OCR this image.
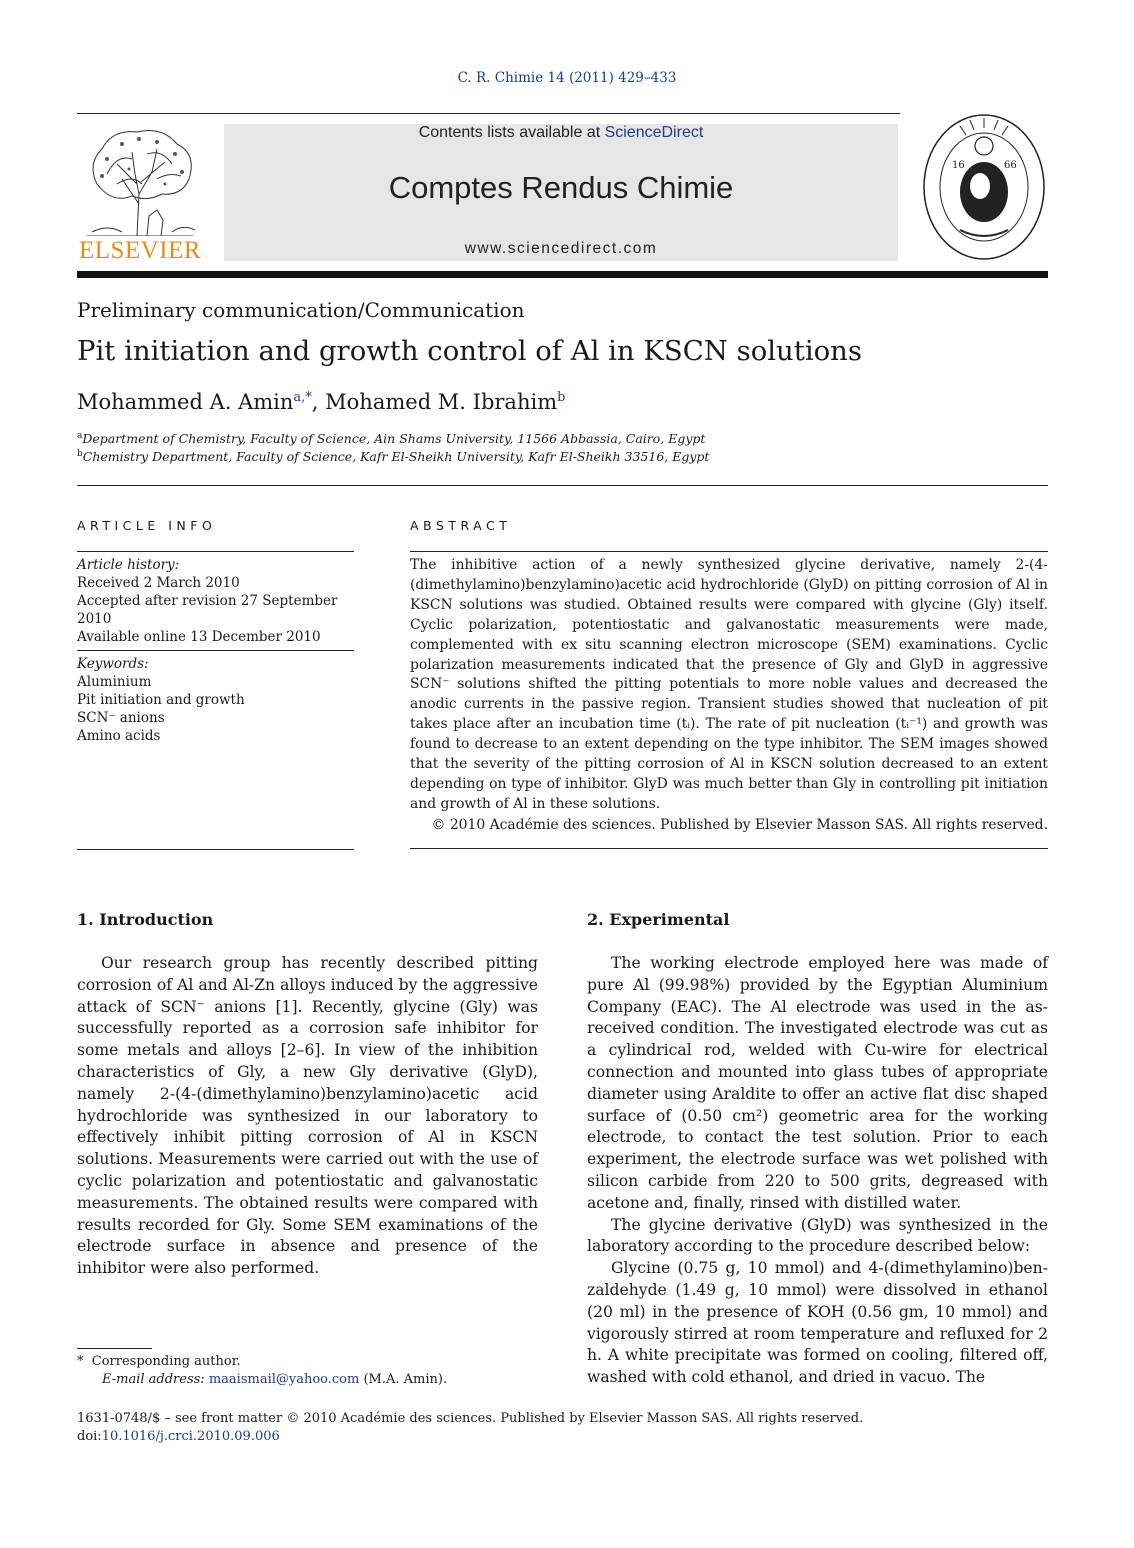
C. R. Chimie 14 (2011) 429–433
ELSEVIER
Contents lists available at ScienceDirect
Comptes Rendus Chimie
www.sciencedirect.com
16	66
Preliminary communication/Communication
Pit initiation and growth control of Al in KSCN solutions
Mohammed A. Amin$^{a,*}$, Mohamed M. Ibrahim$^b$
$^a$Department of Chemistry, Faculty of Science, Ain Shams University, 11566 Abbassia, Cairo, Egypt
$^b$Chemistry Department, Faculty of Science, Kafr El-Sheikh University, Kafr El-Sheikh 33516, Egypt
ARTICLE INFO	ABSTRACT
Article history:
Received 2 March 2010
Accepted after revision 27 September 2010
Available online 13 December 2010
Keywords:
Aluminium
Pit initiation and growth
SCN⁻ anions
Amino acids
The inhibitive action of a newly synthesized glycine derivative, namely 2-(4-(dimethylamino)benzylamino)acetic acid hydrochloride (GlyD) on pitting corrosion of Al in KSCN solutions was studied. Obtained results were compared with glycine (Gly) itself. Cyclic polarization, potentiostatic and galvanostatic measurements were made, complemented with ex situ scanning electron microscope (SEM) examinations. Cyclic polarization measurements indicated that the presence of Gly and GlyD in aggressive SCN⁻ solutions shifted the pitting potentials to more noble values and decreased the anodic currents in the passive region. Transient studies showed that nucleation of pit takes place after an incubation time (tᵢ). The rate of pit nucleation (tᵢ⁻¹) and growth was found to decrease to an extent depending on the type inhibitor. The SEM images showed that the severity of the pitting corrosion of Al in KSCN solution decreased to an extent depending on type of inhibitor. GlyD was much better than Gly in controlling pit initiation and growth of Al in these solutions.
© 2010 Académie des sciences. Published by Elsevier Masson SAS. All rights reserved.
1. Introduction	2. Experimental

Our research group has recently described pitting corrosion of Al and Al-Zn alloys induced by the aggressive attack of SCN⁻ anions [1]. Recently, glycine (Gly) was successfully reported as a corrosion safe inhibitor for some metals and alloys [2–6]. In view of the inhibition characteristics of Gly, a new Gly derivative (GlyD), namely 2-(4-(dimethylamino)benzylamino)acetic acid hydrochloride was synthesized in our laboratory to effectively inhibit pitting corrosion of Al in KSCN solutions. Measurements were carried out with the use of cyclic polarization and potentiostatic and galvanostatic measurements. The obtained results were compared with results recorded for Gly. Some SEM examinations of the electrode surface in absence and presence of the inhibitor were also performed.

The working electrode employed here was made of pure Al (99.98%) provided by the Egyptian Aluminium Company (EAC). The Al electrode was used in the as-received condition. The investigated electrode was cut as a cylindrical rod, welded with Cu-wire for electrical connection and mounted into glass tubes of appropriate diameter using Araldite to offer an active flat disc shaped surface of (0.50 cm²) geometric area for the working electrode, to contact the test solution. Prior to each experiment, the electrode surface was wet polished with silicon carbide from 220 to 500 grits, degreased with acetone and, finally, rinsed with distilled water.

The glycine derivative (GlyD) was synthesized in the laboratory according to the procedure described below:

Glycine (0.75 g, 10 mmol) and 4-(dimethylamino)benzaldehyde (1.49 g, 10 mmol) were dissolved in ethanol (20 ml) in the presence of KOH (0.56 gm, 10 mmol) and vigorously stirred at room temperature and refluxed for 2 h. A white precipitate was formed on cooling, filtered off, washed with cold ethanol, and dried in vacuo. The

* Corresponding author.
E-mail address: maaismail@yahoo.com (M.A. Amin).
1631-0748/$ – see front matter © 2010 Académie des sciences. Published by Elsevier Masson SAS. All rights reserved.
doi:10.1016/j.crci.2010.09.006
